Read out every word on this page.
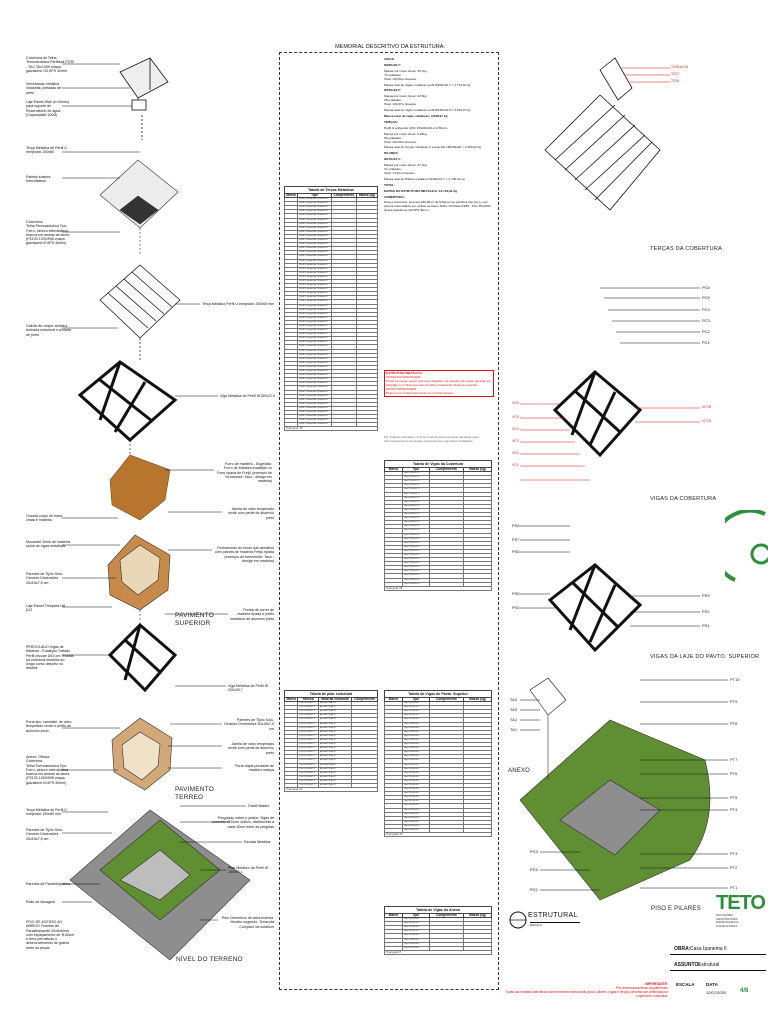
Cobertura de Telha Termoacústica Perfilada PZ35 - TAC 35x1059 chapa galvalume G0,5PS 40mm
Venezianas metálica industrial, pintadas de preto
Laje Painel Wall (e=40mm) para suporte de Reservatório de água (Capacidade 1000l)
Terça Metálica de Perfil U enrijecido 150x60
Painéis solares fotovoltaicos
Cobertura:
Telha Termoacústica Tipo Forro, pintura eletrostática branca em ambas as faces.
(PZ100 1000/998 chapa galvalume t0.6PS 40mm)
Calhas de chapa metálica dobrada estrutural e pintada de preto
Guarda corpo de barra chata e madeira
Muxarabi: Deck de madeira sobre as vigas metálicas
Paredes de Tijolo Solo-Cimento Dimensões 30x15x7,5 cm
Laje Painel Treliçada H8 β12
PERGOLADO Vigas de Madeira - Eucalipto Tratado Perfil circular Ø15 cm, fixadas na estrutura metálica ao longo como descrito no detalhe
Porta tipo 'camarão' de vidro temperado verde e perfis de alumínio preto
Anexo: Oficina
Cobertura:
Telha Termoacústica Tipo Forro, pintura eletrostática branca em ambas as faces.
(PZ100 1000/998 chapa galvalume t0.6PS 40mm)
Terça Metálica de Perfil U enrijecido 150x60 mm
Paredes de Tijolo Solo-Cimento Dimensões 30x15x7,5 cm
Paredes de Pisoitetelpistela
Raso de escagem
PISO DE ACESSO AO ABRIGO Forletas de Paralelepípedo 20x8x6mm com espaçamento de 'B.60cm e ferro permitindo o desenvolvimento de grama entre as peças
Terça Metálica Perfil U enrijecido 150x60 mm
Viga Metálica de Perfil W150x22,5
Forro de madeira - Sugestão: Forro de Madeira eucalipto ou Forro riparia de Freijó (exemplo de fornecedor: Taco - design em madeira)
Janela de vidro temperado verde com perfis de alumínio preto
Fechamento do fundo das armários com painéis de madeira Freijó ripada (exemplo de fornecedor: Taco - design em madeira)
Portas de correr de madeira ripada e perfis metálicos de alumínio preto
Viga Metálica de Perfil W 200x35,7
Paredes de Tijolo Solo-Cimento Dimensões 30x15x7,5 cm
Janela de vidro temperado verde com perfis de alumínio preto
Porta dupla pivotante de madeira maciça
Gradil fixador
Pergolado sobre o jardim: Vigas de concreto W10cm 4x8cm, distribuídas a cada 30cm entre as pergolas
Escada Metálica
Pilar Metálico de Perfil W 150x37,1
Piso Cimentício de área externa. Modelo sugerido: Terracota Compact' da solarium
PAVIMENTO
SUPERIOR
PAVIMENTO
TERREO
NÍVEL DO TERRENO
MEMORIAL DESCRITIVO DA ESTRUTURA:
VIGAS:
W200x35,7:
Massa por metro linear: 35,7kg
73 unidades.
Total: 143,90m lineares.
Massa total de Vigas metálicas perfil W200x35,7 = 4.770,93 kg
W150x22,5:
Massa por metro linear: 22,5kg
28 unidades.
Total: 109,07m lineares.
Massa total de Vigas metálicas perfil W150x22,5 = 2.454,07 kg
Massa total de vigas metálicas: 9.838,97 kg
TERÇAS:
Perfil U enrijecido UDC 150x60x20 e=2,65mm
Massa por metro linear: 6,66kg
56 unidades.
Total: 203,00m lineares.
Massa total de Terças metálicas U enrijecido 150x60x20 = 1.350,92 kg
PILARES:
W150x37,1:
Massa por metro linear: 37,1kg
21 unidades.
Total: 74,40m lineares.
Massa total de Pilares metálicos W150x37,1 = 2.760,24 kg
TOTAL:
MASSA DA ESTRUTURA METÁLICA: 13.720,91 kg
COBERTURA:
Para a cobertura, teremos 180,00m² de Telha termo acústica tipo forro, com pintura eletrostática em ambas as faces Telha: Perfilada PZ35 - TAC 35x1059 chapa galvalume G0,5PS 40mm
ESTRUTURA METÁLICA:
ANTES DA MONTAGEM:
Todas as peças, assim que que chegarem no canteiro de obras, deverão ser pintadas com Tinta Cromato de Zinco (Galvanite Tinta) ou superior;
APÓS A MONTAGEM:
Pintura com Tinta Automotiva na cor Preto Fosco.
PS: Cálculo estimativo. O peso final da estrutura será calculado após dimensionamento do projeto estrutural por engenheiro habilitado.
Tabela de Terças Metálicas
Marca	Tipo	Comprimento	Massa (kg)
	Perfil U enrijecido 150x60x20		
	Perfil U enrijecido 150x60x20		
	Perfil U enrijecido 150x60x20		
	Perfil U enrijecido 150x60x20		
	Perfil U enrijecido 150x60x20		
	Perfil U enrijecido 150x60x20		
	Perfil U enrijecido 150x60x20		
	Perfil U enrijecido 150x60x20		
	Perfil U enrijecido 150x60x20		
	Perfil U enrijecido 150x60x20		
	Perfil U enrijecido 150x60x20		
	Perfil U enrijecido 150x60x20		
	Perfil U enrijecido 150x60x20		
	Perfil U enrijecido 150x60x20		
	Perfil U enrijecido 150x60x20		
	Perfil U enrijecido 150x60x20		
	Perfil U enrijecido 150x60x20		
	Perfil U enrijecido 150x60x20		
	Perfil U enrijecido 150x60x20		
	Perfil U enrijecido 150x60x20		
	Perfil U enrijecido 150x60x20		
	Perfil U enrijecido 150x60x20		
	Perfil U enrijecido 150x60x20		
	Perfil U enrijecido 150x60x20		
	Perfil U enrijecido 150x60x20		
	Perfil U enrijecido 150x60x20		
	Perfil U enrijecido 150x60x20		
	Perfil U enrijecido 150x60x20		
	Perfil U enrijecido 150x60x20		
	Perfil U enrijecido 150x60x20		
	Perfil U enrijecido 150x60x20		
	Perfil U enrijecido 150x60x20		
	Perfil U enrijecido 150x60x20		
	Perfil U enrijecido 150x60x20		
	Perfil U enrijecido 150x60x20		
	Perfil U enrijecido 150x60x20		
	Perfil U enrijecido 150x60x20		
	Perfil U enrijecido 150x60x20		
	Perfil U enrijecido 150x60x20		
	Perfil U enrijecido 150x60x20		
	Perfil U enrijecido 150x60x20		
	Perfil U enrijecido 150x60x20		
	Perfil U enrijecido 150x60x20		
	Perfil U enrijecido 150x60x20		
	Perfil U enrijecido 150x60x20		
	Perfil U enrijecido 150x60x20		
	Perfil U enrijecido 150x60x20		
	Perfil U enrijecido 150x60x20		
	Perfil U enrijecido 150x60x20		
	Perfil U enrijecido 150x60x20		
	Perfil U enrijecido 150x60x20		
	Perfil U enrijecido 150x60x20		
	Perfil U enrijecido 150x60x20		
	Perfil U enrijecido 150x60x20		
	Perfil U enrijecido 150x60x20		
	Perfil U enrijecido 150x60x20		
Total geral: 56			
Tabela de Vigas da Cobertura
Marca	Tipo	Comprimento	Massa (kg)
	Viga W150x22,5		
	Viga W150x22,5		
	Viga W150x22,5		
	Viga W150x22,5		
	Viga W150x22,5		
	Viga W150x22,5		
	Viga W150x22,5		
	Viga W150x22,5		
	Viga W150x22,5		
	Viga W150x22,5		
	Viga W150x22,5		
	Viga W150x22,5		
	Viga W150x22,5		
	Viga W150x22,5		
	Viga W150x22,5		
	Viga W150x22,5		
	Viga W150x22,5		
	Viga W150x22,5		
	Viga W150x22,5		
	Viga W150x22,5		
	Viga W150x22,5		
	Viga W150x22,5		
	Viga W150x22,5		
	Viga W150x22,5		
	Viga W150x22,5		
	Viga W150x22,5		
	Viga W150x22,5		
	Viga W150x22,5		
Total geral: 28			
Tabela de pilar estrutural
Marca	Família	Material estrutural	Comprimento
	Pilar W150x37,1	Aço ASTM A572	
	Pilar W150x37,1	Aço ASTM A572	
	Pilar W150x37,1	Aço ASTM A572	
	Pilar W150x37,1	Aço ASTM A572	
	Pilar W150x37,1	Aço ASTM A572	
	Pilar W150x37,1	Aço ASTM A572	
	Pilar W150x37,1	Aço ASTM A572	
	Pilar W150x37,1	Aço ASTM A572	
	Pilar W150x37,1	Aço ASTM A572	
	Pilar W150x37,1	Aço ASTM A572	
	Pilar W150x37,1	Aço ASTM A572	
	Pilar W150x37,1	Aço ASTM A572	
	Pilar W150x37,1	Aço ASTM A572	
	Pilar W150x37,1	Aço ASTM A572	
	Pilar W150x37,1	Aço ASTM A572	
	Pilar W150x37,1	Aço ASTM A572	
	Pilar W150x37,1	Aço ASTM A572	
	Pilar W150x37,1	Aço ASTM A572	
	Pilar W150x37,1	Aço ASTM A572	
	Pilar W150x37,1	Aço ASTM A572	
	Pilar W150x37,1	Aço ASTM A572	
Total geral: 21			
Tabela de Vigas do Pavto. Superior
Marca	Tipo	Comprimento	Massa (kg)
	Viga W200x35,7		
	Viga W200x35,7		
	Viga W200x35,7		
	Viga W200x35,7		
	Viga W200x35,7		
	Viga W200x35,7		
	Viga W200x35,7		
	Viga W200x35,7		
	Viga W200x35,7		
	Viga W200x35,7		
	Viga W200x35,7		
	Viga W200x35,7		
	Viga W200x35,7		
	Viga W200x35,7		
	Viga W200x35,7		
	Viga W200x35,7		
	Viga W200x35,7		
	Viga W200x35,7		
	Viga W200x35,7		
	Viga W200x35,7		
	Viga W200x35,7		
	Viga W200x35,7		
	Viga W200x35,7		
	Viga W200x35,7		
	Viga W200x35,7		
	Viga W200x35,7		
	Viga W200x35,7		
	Viga W200x35,7		
	Viga W200x35,7		
	Viga W200x35,7		
	Viga W200x35,7		
	Viga W200x35,7		
Total geral: 32			
Tabela de Vigas do Anexo
Marca	Tipo	Comprimento	Massa (kg)
	Viga W200x35,7		
	Viga W200x35,7		
	Viga W200x35,7		
	Viga W200x35,7		
	Viga W200x35,7		
	Viga W200x35,7		
	Viga W200x35,7		
	Viga W200x35,7		
Total geral: 8			
TC04 to V4
TC07
TC04
TERÇAS DA COBERTURA
PC6
PC5
PC4
PC3
PC2
PC1
VC6
VC5
VC4
VC3
VC2
VC1
VC7B
VC7A
VIGAS DA COBERTURA
PS8
PS7
PS6
PS5
PS4
PS3
PS2
PS1
VIGAS DA LAJE DO PAVTO. SUPERIOR
TA4
TA3
TA2
TA1
PT10
PT9
PT8
PT7
PT6
PT5
PT4
PT3
PT2
PT1
PG3
PG2
PG1
ANEXO
PISO E PILARES
ESTRUTURAL
ESCALA
TETO
SOLUÇÕES
ARQUITETURA
ENGENHARIA E
CONSULTORIA
OBRA: Casa Ipanema II
ASSUNTO:
Estrutural
IMPORTANTE:
Pré-dimensionamento arquitetônico
Todas as medidas definitivas das elementos estruturais (tipos, pilares, vigas e terças) deverão ser definidas por engenheiro calculista.
ESCALA	DATA
12/07/2020 4/8
